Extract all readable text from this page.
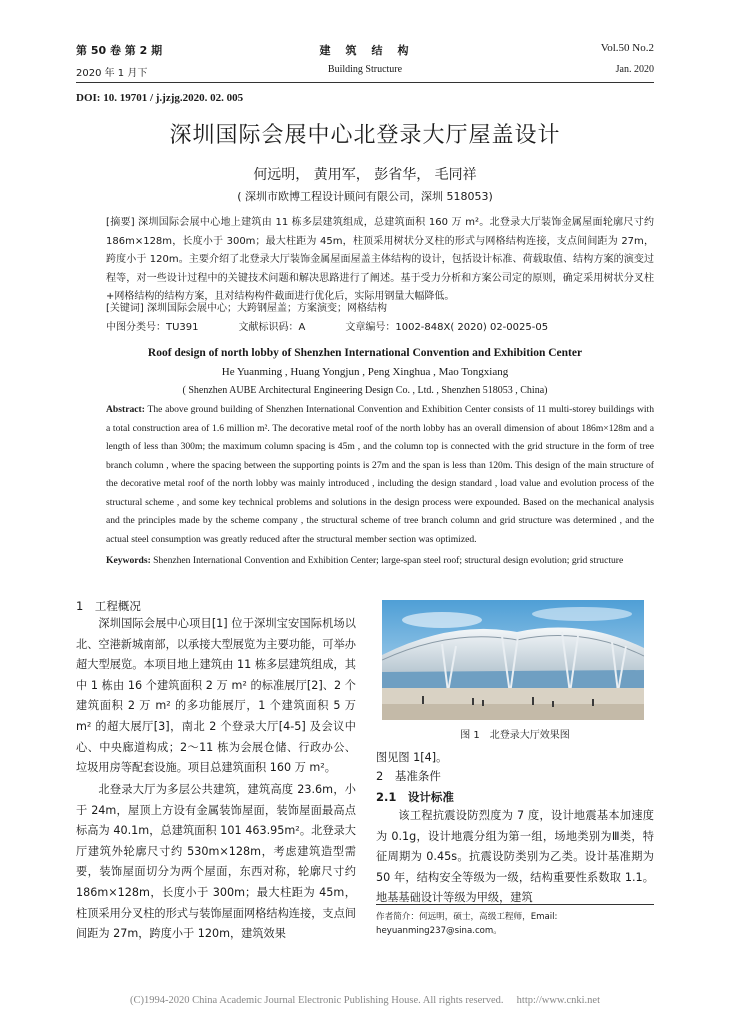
第 50 卷 第 2 期	建　筑　结　构	Vol.50 No.2
2020 年 1 月下	Building Structure	Jan. 2020
DOI: 10. 19701 / j.jzjg.2020. 02. 005
深圳国际会展中心北登录大厅屋盖设计
何远明， 黄用军， 彭省华， 毛同祥
( 深圳市欧博工程设计顾问有限公司，深圳 518053)
[摘要] 深圳国际会展中心地上建筑由 11 栋多层建筑组成，总建筑面积 160 万 m²。北登录大厅装饰金属屋面轮廓尺寸约 186m×128m，长度小于 300m；最大柱距为 45m，柱顶采用树状分叉柱的形式与网格结构连接，支点间间距为 27m，跨度小于 120m。主要介绍了北登录大厅装饰金属屋面屋盖主体结构的设计，包括设计标准、荷载取值、结构方案的演变过程等，对一些设计过程中的关键技术问题和解决思路进行了阐述。基于受力分析和方案公司定的原则，确定采用树状分叉柱+网格结构的结构方案，且对结构构件截面进行优化后，实际用钢量大幅降低。
[关键词] 深圳国际会展中心；大跨钢屋盖；方案演变；网格结构
中图分类号：TU391　　　　文献标识码：A　　　　文章编号：1002-848X( 2020) 02-0025-05
Roof design of north lobby of Shenzhen International Convention and Exhibition Center
He Yuanming , Huang Yongjun , Peng Xinghua , Mao Tongxiang
( Shenzhen AUBE Architectural Engineering Design Co. , Ltd. , Shenzhen 518053 , China)
Abstract: The above ground building of Shenzhen International Convention and Exhibition Center consists of 11 multi-storey buildings with a total construction area of 1.6 million m². The decorative metal roof of the north lobby has an overall dimension of about 186m×128m and a length of less than 300m; the maximum column spacing is 45m , and the column top is connected with the grid structure in the form of tree branch column , where the spacing between the supporting points is 27m and the span is less than 120m. This design of the main structure of the decorative metal roof of the north lobby was mainly introduced , including the design standard , load value and evolution process of the structural scheme , and some key technical problems and solutions in the design process were expounded. Based on the mechanical analysis and the principles made by the scheme company , the structural scheme of tree branch column and grid structure was determined , and the actual steel consumption was greatly reduced after the structural member section was optimized.
Keywords: Shenzhen International Convention and Exhibition Center; large-span steel roof; structural design evolution; grid structure
1　工程概况
深圳国际会展中心项目[1] 位于深圳宝安国际机场以北、空港新城南部，以承接大型展览为主要功能，可举办超大型展览。本项目地上建筑由 11 栋多层建筑组成，其中 1 栋由 16 个建筑面积 2 万 m² 的标准展厅[2]、2 个建筑面积 2 万 m² 的多功能展厅，1 个建筑面积 5 万 m² 的超大展厅[3]，南北 2 个登录大厅[4-5] 及会议中心、中央廊道构成；2～11 栋为会展仓储、行政办公、垃圾用房等配套设施。项目总建筑面积 160 万 m²。
北登录大厅为多层公共建筑，建筑高度 23.6m，小于 24m，屋顶上方设有金属装饰屋面，装饰屋面最高点标高为 40.1m，总建筑面积 101 463.95m²。北登录大厅建筑外轮廓尺寸约 530m×128m，考虑建筑造型需要，装饰屋面切分为两个屋面，东西对称，轮廓尺寸约 186m×128m，长度小于 300m；最大柱距为 45m，柱顶采用分叉柱的形式与装饰屋面网格结构连接，支点间间距为 27m，跨度小于 120m，建筑效果
图 1　北登录大厅效果图
图见图 1[4]。
2　基准条件
2.1　设计标准
该工程抗震设防烈度为 7 度，设计地震基本加速度为 0.1g，设计地震分组为第一组，场地类别为Ⅲ类，特征周期为 0.45s。抗震设防类别为乙类。设计基准期为 50 年，结构安全等级为一级，结构重要性系数取 1.1。地基基础设计等级为甲级，建筑
作者简介：何远明，硕士，高级工程师，Email: heyuanming237@sina.com。
(C)1994-2020 China Academic Journal Electronic Publishing House. All rights reserved.　 http://www.cnki.net
